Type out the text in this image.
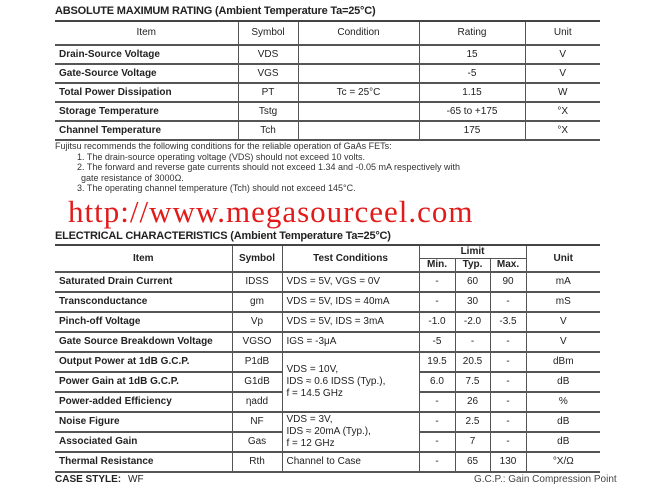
ABSOLUTE MAXIMUM RATING (Ambient Temperature Ta=25°C)
Item	Symbol	Condition	Rating	Unit
Drain-Source Voltage	VDS		15	V
Gate-Source Voltage	VGS		-5	V
Total Power Dissipation	PT	Tc = 25°C	1.15	W
Storage Temperature	Tstg		-65 to +175	°X
Channel Temperature	Tch		175	°X
Fujitsu recommends the following conditions for the reliable operation of GaAs FETs:
1. The drain-source operating voltage (VDS) should not exceed 10 volts.
2. The forward and reverse gate currents should not exceed 1.34 and -0.05 mA respectively with
gate resistance of 3000Ω.
3. The operating channel temperature (Tch) should not exceed 145°C.
http://www.megasourceel.com
ELECTRICAL CHARACTERISTICS (Ambient Temperature Ta=25°C)
Item	Symbol	Test Conditions	Limit			Unit
			Min.	Typ.	Max.	
Saturated Drain Current	IDSS	VDS = 5V, VGS = 0V	-	60	90	mA
Transconductance	gm	VDS = 5V, IDS = 40mA	-	30	-	mS
Pinch-off Voltage	Vp	VDS = 5V, IDS = 3mA	-1.0	-2.0	-3.5	V
Gate Source Breakdown Voltage	VGSO	IGS = -3μA	-5	-	-	V
Output Power at 1dB G.C.P.	P1dB	VDS = 10V,
IDS ≈ 0.6 IDSS (Typ.),
f = 14.5 GHz	19.5	20.5	-	dBm
Power Gain at 1dB G.C.P.	G1dB		6.0	7.5	-	dB
Power-added Efficiency	ηadd		-	26	-	%
Noise Figure	NF	VDS = 3V,
IDS ≈ 20mA (Typ.),
f = 12 GHz	-	2.5	-	dB
Associated Gain	Gas		-	7	-	dB
Thermal Resistance	Rth	Channel to Case	-	65	130	°X/Ω
CASE STYLE: WF	G.C.P.: Gain Compression Point
